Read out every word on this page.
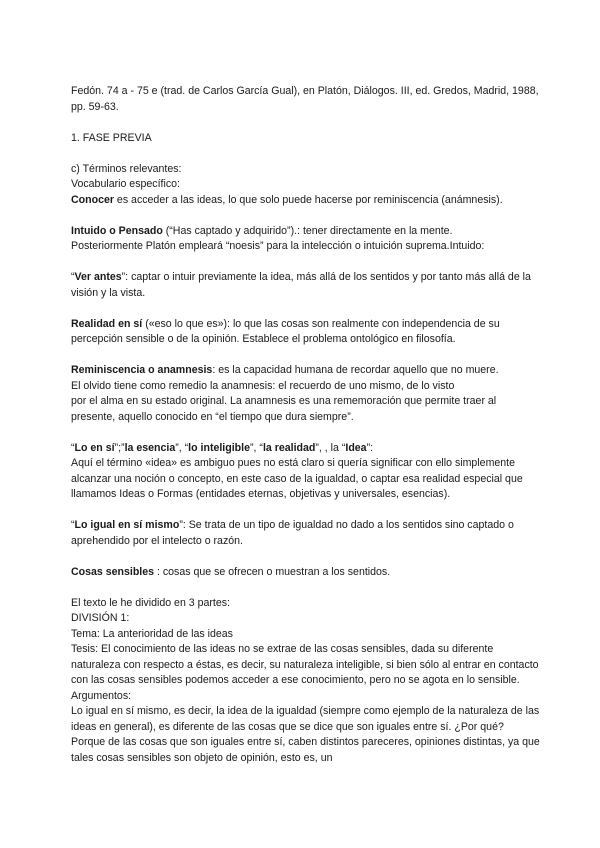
Fedón. 74 a - 75 e (trad. de Carlos García Gual), en Platón, Diálogos. III, ed. Gredos, Madrid, 1988, pp. 59-63.

1. FASE PREVIA

c) Términos relevantes:

Vocabulario específico:

Conocer es acceder a las ideas, lo que solo puede hacerse por reminiscencia (anámnesis).

Intuido o Pensado (“Has captado y adquirido”).: tener directamente en la mente.

Posteriormente Platón empleará “noesis” para la intelección o intuición suprema.Intuido:

“Ver antes”: captar o intuir previamente la idea, más allá de los sentidos y por tanto más allá de la visión y la vista.

Realidad en sí («eso lo que es»): lo que las cosas son realmente con independencia de su percepción sensible o de la opinión. Establece el problema ontológico en filosofía.

Reminiscencia o anamnesis: es la capacidad humana de recordar aquello que no muere.

El olvido tiene como remedio la anamnesis: el recuerdo de uno mismo, de lo visto

por el alma en su estado original. La anamnesis es una rememoración que permite traer al presente, aquello conocido en “el tiempo que dura siempre”.

“Lo en sí”;”la esencia”, “lo inteligible”, “la realidad”, , la “Idea”:

Aquí el término «idea» es ambiguo pues no está claro si quería significar con ello simplemente alcanzar una noción o concepto, en este caso de la igualdad, o captar esa realidad especial que llamamos Ideas o Formas (entidades eternas, objetivas y universales, esencias).

“Lo igual en sí mismo”: Se trata de un tipo de igualdad no dado a los sentidos sino captado o aprehendido por el intelecto o razón.

Cosas sensibles : cosas que se ofrecen o muestran a los sentidos.

El texto le he dividido en 3 partes:

DIVISIÓN 1:

Tema: La anterioridad de las ideas

Tesis: El conocimiento de las ideas no se extrae de las cosas sensibles, dada su diferente naturaleza con respecto a éstas, es decir, su naturaleza inteligible, si bien sólo al entrar en contacto con las cosas sensibles podemos acceder a ese conocimiento, pero no se agota en lo sensible.

Argumentos:

Lo igual en sí mismo, es decir, la idea de la igualdad (siempre como ejemplo de la naturaleza de las ideas en general), es diferente de las cosas que se dice que son iguales entre sí. ¿Por qué?

Porque de las cosas que son iguales entre sí, caben distintos pareceres, opiniones distintas, ya que tales cosas sensibles son objeto de opinión, esto es, un
